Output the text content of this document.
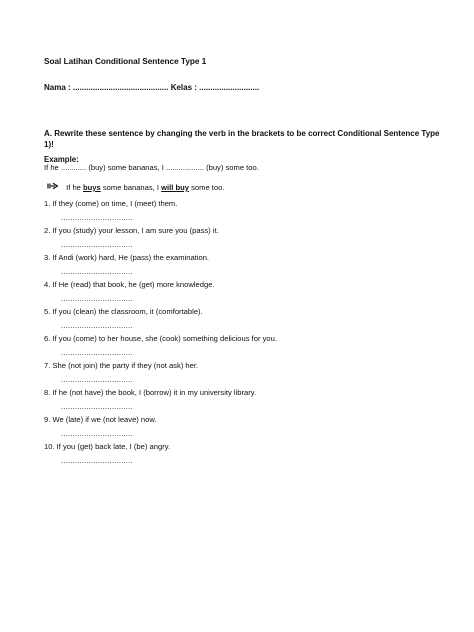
Soal Latihan Conditional Sentence Type 1
Nama : ........................................... Kelas : ...........................
A. Rewrite these sentence by changing the verb in the brackets to be correct Conditional Sentence Type 1)!
Example:
If he ............ (buy) some bananas, I .................. (buy) some too.
If he buys some bananas, I will buy some too.
1. If they (come) on time, I (meet) them.
...............................
2. If you (study) your lesson, I am sure you (pass) it.
...............................
3. If Andi (work) hard, He (pass) the examination.
...............................
4. If He (read) that book, he (get) more knowledge.
...............................
5. If you (clean) the classroom, it (comfortable).
...............................
6. If you (come) to her house, she (cook) something delicious for you.
...............................
7. She (not join) the party if they (not ask) her.
...............................
8. If he (not have) the book, I (borrow) it in my university library.
...............................
9. We (late) if we (not leave) now.
...............................
10. If you (get) back late, I (be) angry.
...............................
